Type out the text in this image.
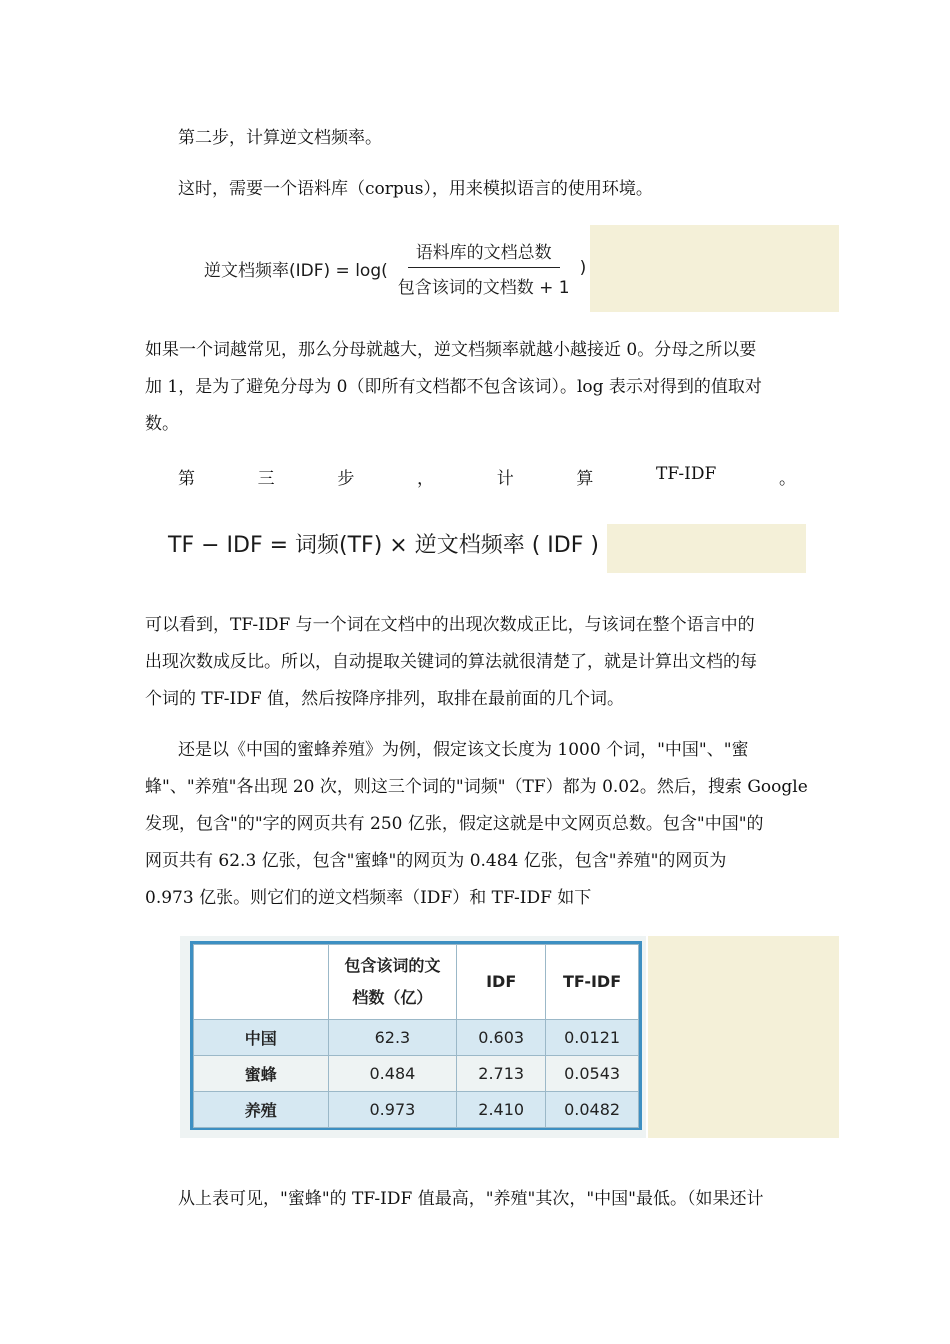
第二步，计算逆文档频率。
这时，需要一个语料库（corpus），用来模拟语言的使用环境。
逆文档频率$(IDF) = \log( \frac{\text{语料库的文档总数}}{\text{包含该词的文档数 + 1}}$ )
如果一个词越常见，那么分母就越大，逆文档频率就越小越接近 0。分母之所以要
加 1，是为了避免分母为 0（即所有文档都不包含该词）。log 表示对得到的值取对
数。
第	三	步	，	计	算	TF-IDF	。
TF − IDF = 词频(TF) × 逆文档频率 ( IDF )
可以看到，TF-IDF 与一个词在文档中的出现次数成正比，与该词在整个语言中的
出现次数成反比。所以，自动提取关键词的算法就很清楚了，就是计算出文档的每
个词的 TF-IDF 值，然后按降序排列，取排在最前面的几个词。
还是以《中国的蜜蜂养殖》为例，假定该文长度为 1000 个词，"中国"、"蜜
蜂"、"养殖"各出现 20 次，则这三个词的"词频"（TF）都为 0.02。然后，搜索 Google
发现，包含"的"字的网页共有 250 亿张，假定这就是中文网页总数。包含"中国"的
网页共有 62.3 亿张，包含"蜜蜂"的网页为 0.484 亿张，包含"养殖"的网页为
0.973 亿张。则它们的逆文档频率（IDF）和 TF-IDF 如下

	包含该词的文
档数（亿）	IDF	TF-IDF
中国	62.3	0.603	0.0121
蜜蜂	0.484	2.713	0.0543
养殖	0.973	2.410	0.0482
从上表可见，"蜜蜂"的 TF-IDF 值最高，"养殖"其次，"中国"最低。（如果还计
